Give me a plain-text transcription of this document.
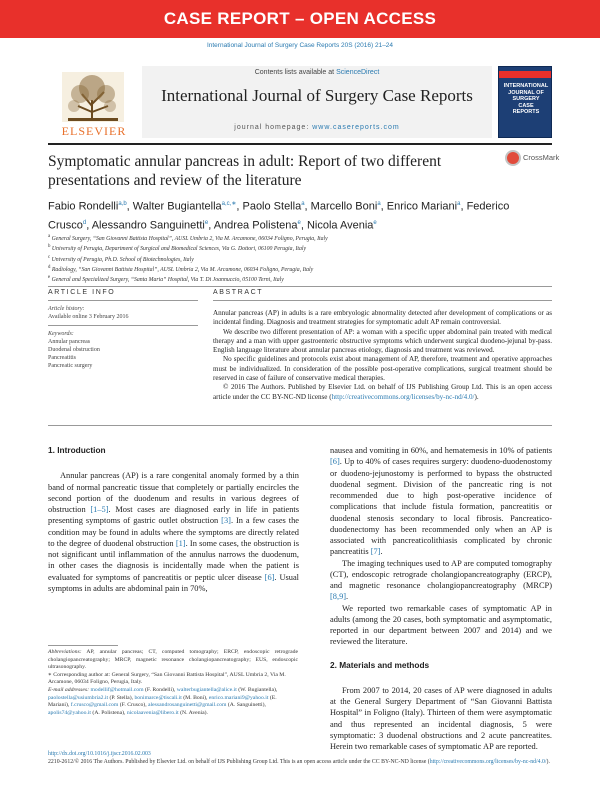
CASE REPORT – OPEN ACCESS
International Journal of Surgery Case Reports 20S (2016) 21–24
ELSEVIER
Contents lists available at ScienceDirect
International Journal of Surgery Case Reports
journal homepage: www.casereports.com
INTERNATIONAL
JOURNAL OF
SURGERY
CASE
REPORTS
Symptomatic annular pancreas in adult: Report of two different presentations and review of the literature
CrossMark
Fabio Rondelli$^{a,b}$, Walter Bugiantella$^{a,c,∗}$, Paolo Stella$^a$, Marcello Boni$^a$, Enrico Mariani$^a$, Federico Crusco$^d$, Alessandro Sanguinetti$^e$, Andrea Polistena$^e$, Nicola Avenia$^e$
$^a$ General Surgery, “San Giovanni Battista Hospital”, AUSL Umbria 2, Via M. Arcamone, 06034 Foligno, Perugia, Italy
$^b$ University of Perugia, Department of Surgical and Biomedical Sciences, Via G. Dottori, 06100 Perugia, Italy
$^c$ University of Perugia, Ph.D. School of Biotechnologies, Italy
$^d$ Radiology, “San Giovanni Battista Hospital”, AUSL Umbria 2, Via M. Arcamone, 06034 Foligno, Perugia, Italy
$^e$ General and Specialized Surgery, “Santa Maria” Hospital, Via T. Di Joannuccio, 05100 Terni, Italy
ARTICLE INFO	ABSTRACT
Article history:
Available online 3 February 2016
Keywords:
Annular pancreas
Duodenal obstruction
Pancreatitis
Pancreatic surgery

Annular pancreas (AP) in adults is a rare embryologic abnormality detected after development of complications or as incidental finding. Diagnosis and treatment strategies for symptomatic adult AP remain controversial.

We describe two different presentation of AP: a woman with a specific upper abdominal pain treated with medical therapy and a man with upper gastroenteric obstructive symptoms which underwent surgical duodeno-jejunal by-pass. English language literature about annular pancreas etiology, diagnosis and treatment was reviewed.

No specific guidelines and protocols exist about management of AP, therefore, treatment and operative approaches must be individualized. In consideration of the possible post-operative complications, surgical treatment should be reserved in case of failure of conservative medical therapies.

© 2016 The Authors. Published by Elsevier Ltd. on behalf of IJS Publishing Group Ltd. This is an open access article under the CC BY-NC-ND license (http://creativecommons.org/licenses/by-nc-nd/4.0/).

1. Introduction

Annular pancreas (AP) is a rare congenital anomaly formed by a thin band of normal pancreatic tissue that completely or partially encircles the second portion of the duodenum and results in various degrees of obstruction [1–5]. Most cases are diagnosed early in life in patients presenting symptoms of gastric outlet obstruction [3]. In a few cases the condition may be found in adults where the symptoms are directly related to the degree of duodenal obstruction [1]. In some cases, the obstruction is not significant until inflammation of the annulus narrows the duodenum, in other cases the diagnosis is incidentally made when the patient is evaluated for symptoms of pancreatitis or peptic ulcer disease [6]. Usual symptoms in adults are abdominal pain in 70%,

Abbreviations: AP, annular pancreas; CT, computed tomography; ERCP, endoscopic retrograde cholangiopancreatography; MRCP, magnetic resonance cholangiopancreatography; EUS, endoscopic ultrasonography.
∗ Corresponding author at: General Surgery, “San Giovanni Battista Hospital”, AUSL Umbria 2, Via M. Arcamone, 06034 Foligno, Perugia, Italy.
E-mail addresses: modellif@hotmail.com (F. Rondelli), walterbugiantella@alice.it (W. Bugiantella), paolostella@usiumbria2.it (P. Stella), bonimarce@tiscali.it (M. Boni), enrico.mariani9@yahoo.it (E. Mariani), f.crusco@gmail.com (F. Crusco), alessandrosanguinetti@gmail.com (A. Sanguinetti), apolis74@yahoo.it (A. Polistena), nicolaavenia@libero.it (N. Avenia).

nausea and vomiting in 60%, and hematemesis in 10% of patients [6]. Up to 40% of cases requires surgery: duodeno-duodenostomy or duodeno-jejunostomy is performed to bypass the obstructed duodenal segment. Division of the pancreatic ring is not recommended due to high post-operative incidence of complications that include fistula formation, pancreatitis or duodenal stenosis secondary to local fibrosis. Pancreatico-duodenectomy has been recommended only when an AP is associated with pancreaticolithiasis complicated by chronic pancreatitis [7].

The imaging techniques used to AP are computed tomography (CT), endoscopic retrograde cholangiopancreatography (ERCP), and magnetic resonance cholangiopancreatography (MRCP) [8,9].

We reported two remarkable cases of symptomatic AP in adults (among the 20 cases, both symptomatic and asymptomatic, reported in our department between 2007 and 2014) and we reviewed the literature.

2. Materials and methods

From 2007 to 2014, 20 cases of AP were diagnosed in adults at the General Surgery Department of “San Giovanni Battista Hospital” in Foligno (Italy). Thirteen of them were asymptomatic and thus represented an incidental diagnosis, 5 were symptomatic: 3 duodenal obstructions and 2 acute pancreatites. Herein two remarkable cases of symptomatic AP are reported.

http://dx.doi.org/10.1016/j.ijscr.2016.02.003
2210-2612/© 2016 The Authors. Published by Elsevier Ltd. on behalf of IJS Publishing Group Ltd. This is an open access article under the CC BY-NC-ND license (http://creativecommons.org/licenses/by-nc-nd/4.0/).
